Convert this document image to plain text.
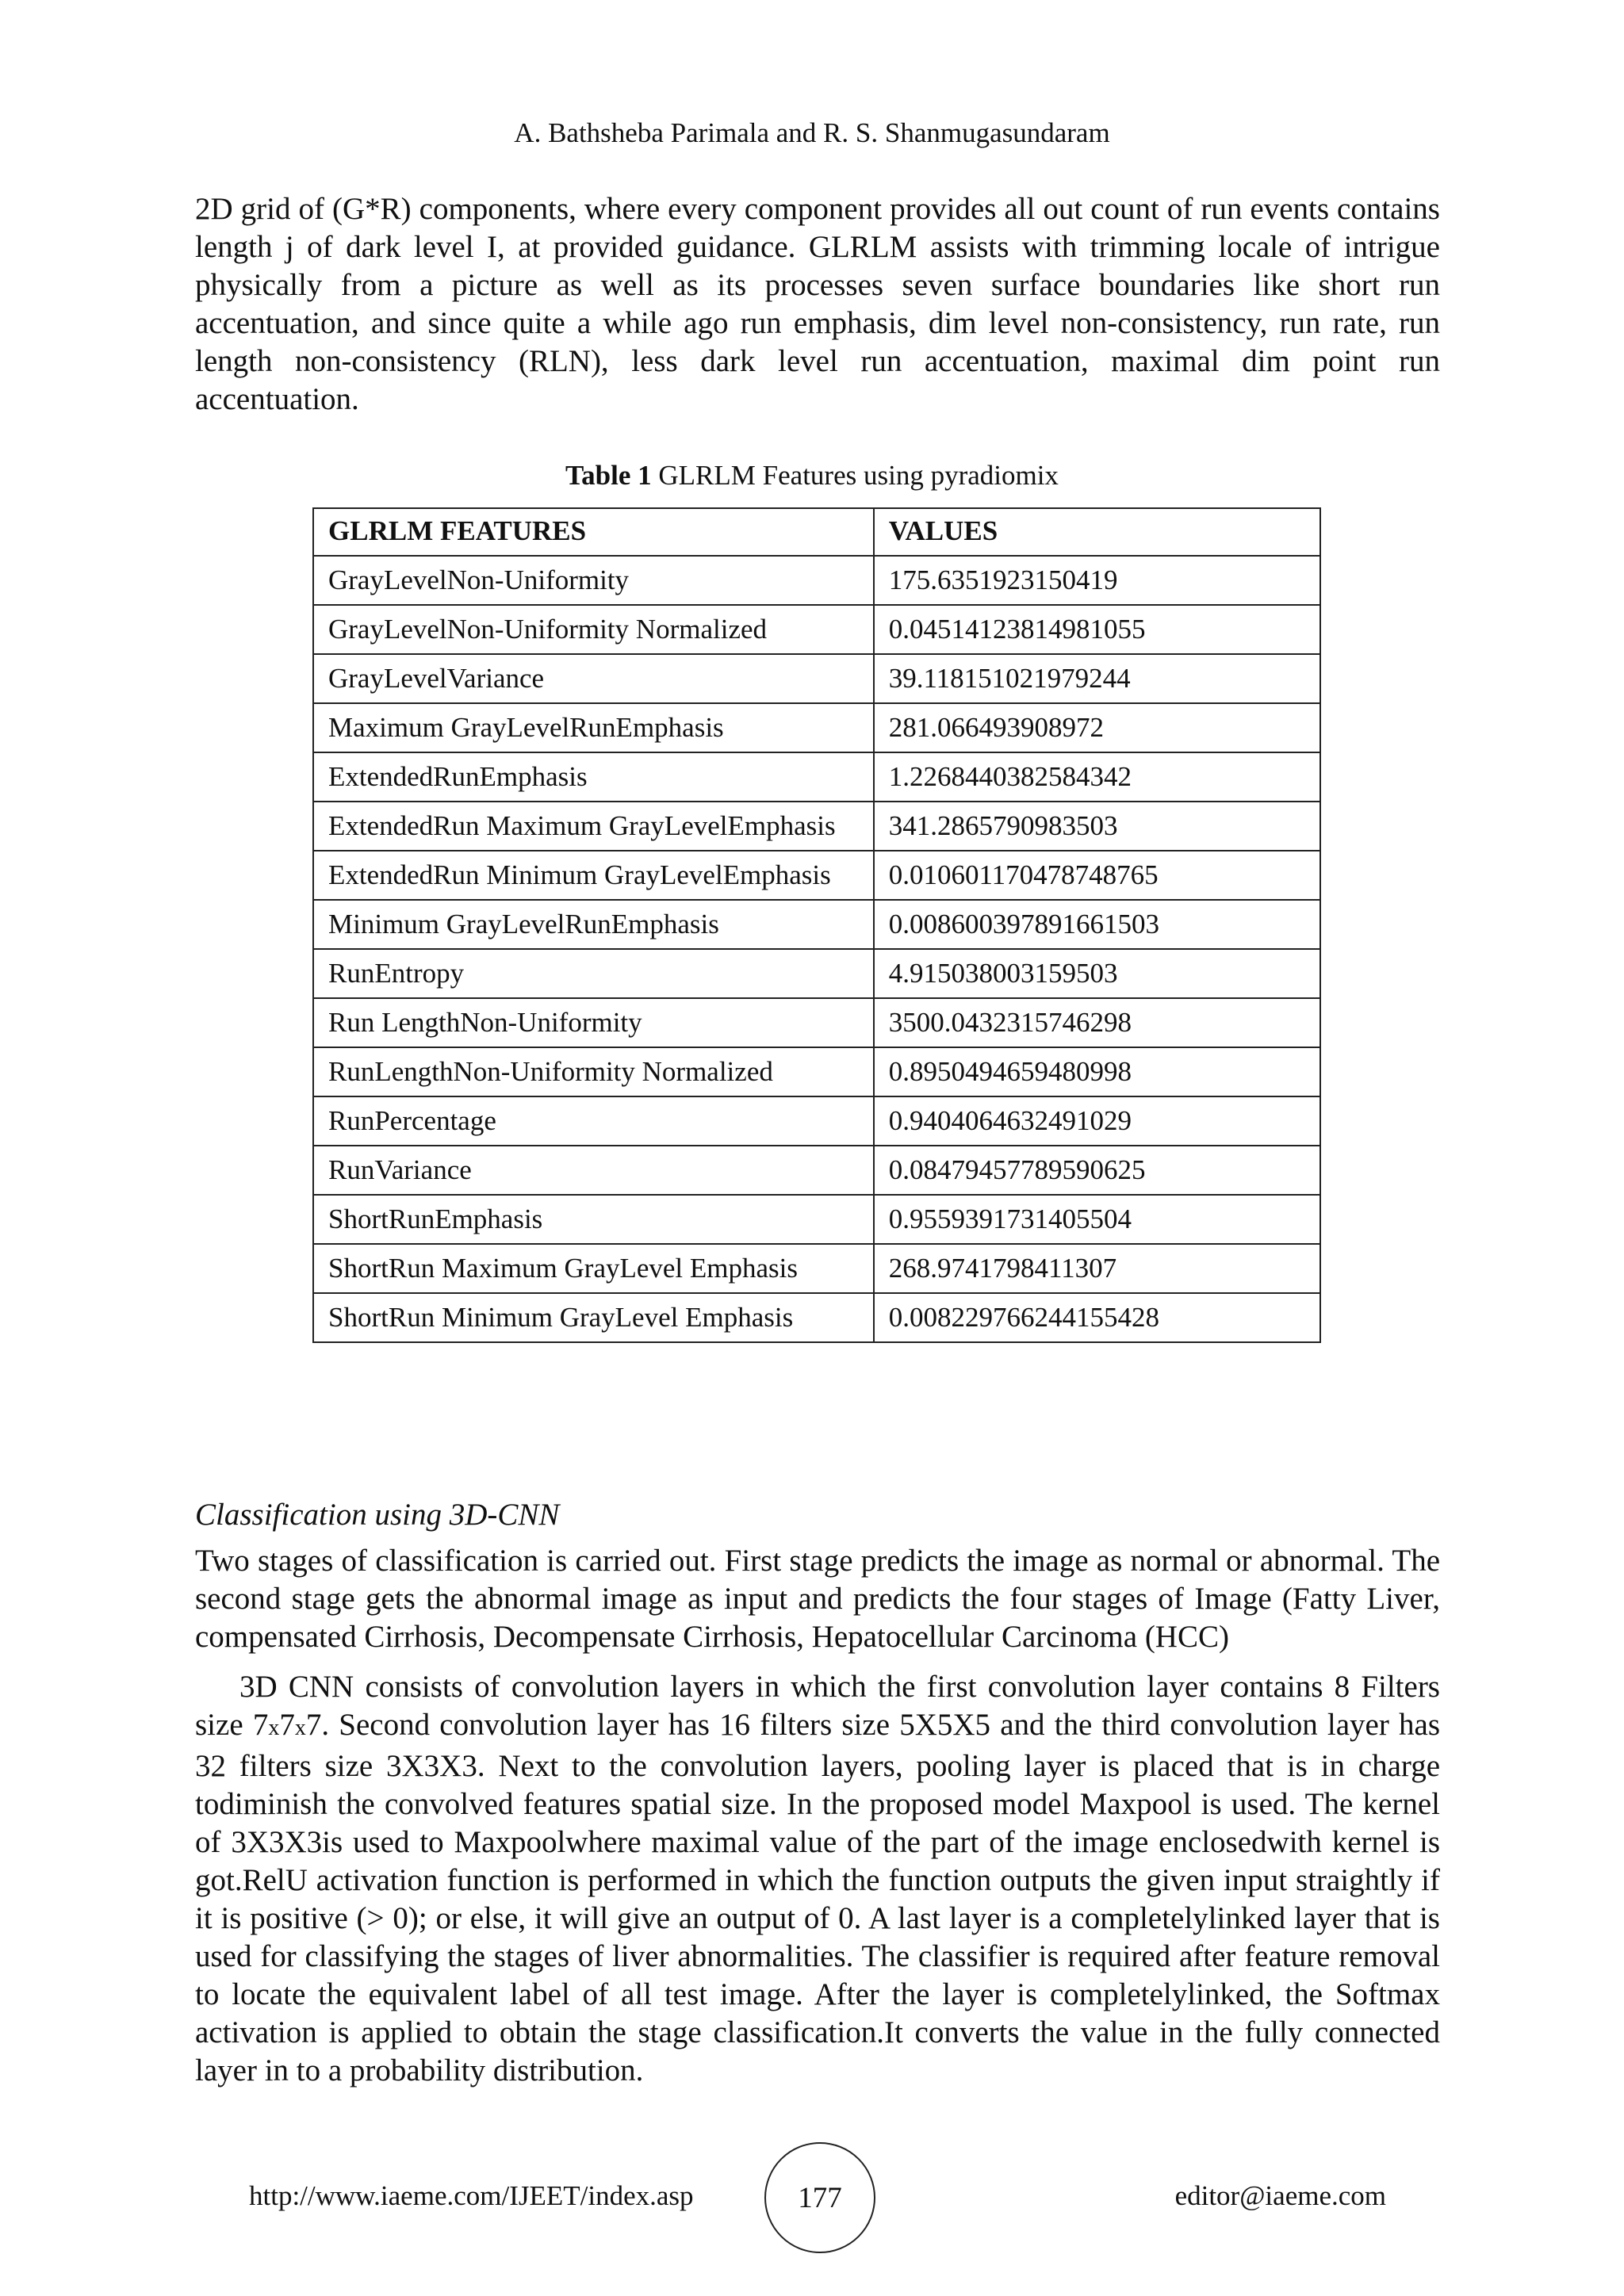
A. Bathsheba Parimala and R. S. Shanmugasundaram

2D grid of (G*R) components, where every component provides all out count of run events contains length j of dark level I, at provided guidance. GLRLM assists with trimming locale of intrigue physically from a picture as well as its processes seven surface boundaries like short run accentuation, and since quite a while ago run emphasis, dim level non-consistency, run rate, run length non-consistency (RLN), less dark level run accentuation, maximal dim point run accentuation.

Table 1 GLRLM Features using pyradiomix
GLRLM FEATURES	VALUES
GrayLevelNon-Uniformity	175.6351923150419
GrayLevelNon-Uniformity Normalized	0.04514123814981055
GrayLevelVariance	39.118151021979244
Maximum GrayLevelRunEmphasis	281.066493908972
ExtendedRunEmphasis	1.2268440382584342
ExtendedRun Maximum GrayLevelEmphasis	341.2865790983503
ExtendedRun Minimum GrayLevelEmphasis	0.010601170478748765
Minimum GrayLevelRunEmphasis	0.008600397891661503
RunEntropy	4.915038003159503
Run LengthNon-Uniformity	3500.0432315746298
RunLengthNon-Uniformity Normalized	0.8950494659480998
RunPercentage	0.9404064632491029
RunVariance	0.08479457789590625
ShortRunEmphasis	0.9559391731405504
ShortRun Maximum GrayLevel Emphasis	268.9741798411307
ShortRun Minimum GrayLevel Emphasis	0.008229766244155428
Classification using 3D-CNN

Two stages of classification is carried out. First stage predicts the image as normal or abnormal. The second stage gets the abnormal image as input and predicts the four stages of Image (Fatty Liver, compensated Cirrhosis, Decompensate Cirrhosis, Hepatocellular Carcinoma (HCC)

3D CNN consists of convolution layers in which the first convolution layer contains 8 Filters size 7x7x7. Second convolution layer has 16 filters size 5X5X5 and the third convolution layer has 32 filters size 3X3X3. Next to the convolution layers, pooling layer is placed that is in charge todiminish the convolved features spatial size. In the proposed model Maxpool is used. The kernel of 3X3X3is used to Maxpoolwhere maximal value of the part of the image enclosedwith kernel is got.RelU activation function is performed in which the function outputs the given input straightly if it is positive (> 0); or else, it will give an output of 0. A last layer is a completelylinked layer that is used for classifying the stages of liver abnormalities. The classifier is required after feature removal to locate the equivalent label of all test image. After the layer is completelylinked, the Softmax activation is applied to obtain the stage classification.It converts the value in the fully connected layer in to a probability distribution.

http://www.iaeme.com/IJEET/index.asp	177	editor@iaeme.com
